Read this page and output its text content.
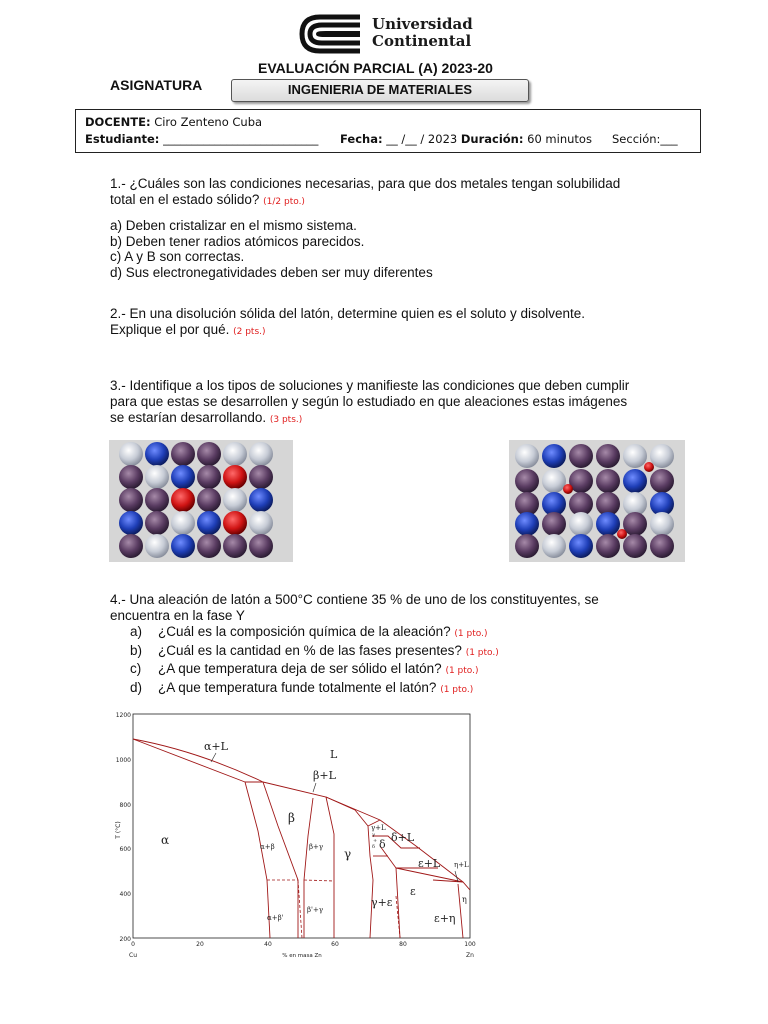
Universidad
Continental
EVALUACIÓN PARCIAL (A) 2023-20
ASIGNATURA	INGENIERIA DE MATERIALES
DOCENTE: Ciro Zenteno Cuba
Estudiante: ___________________________ Fecha: __ /__ / 2023 Duración: 60 minutos Sección:___
1.- ¿Cuáles son las condiciones necesarias, para que dos metales tengan solubilidad
total en el estado sólido? (1/2 pto.)
a) Deben cristalizar en el mismo sistema.
b) Deben tener radios atómicos parecidos.
c) A y B son correctas.
d) Sus electronegatividades deben ser muy diferentes
2.- En una disolución sólida del latón, determine quien es el soluto y disolvente.
Explique el por qué. (2 pts.)
3.- Identifique a los tipos de soluciones y manifieste las condiciones que deben cumplir
para que estas se desarrollen y según lo estudiado en que aleaciones estas imágenes
se estarían desarrollando. (3 pts.)
4.- Una aleación de latón a 500°C contiene 35 % de uno de los constituyentes, se
encuentra en la fase Y
a) ¿Cuál es la composición química de la aleación? (1 pto.)
b) ¿Cuál es la cantidad en % de las fases presentes? (1 pto.)
c) ¿A que temperatura deja de ser sólido el latón? (1 pto.)
d) ¿A que temperatura funde totalmente el latón? (1 pto.)
1200
1000
800
600
400
200
0	20	40	60	80	100
T (°C)
% en masa Zn
Cu	Zn
α+L
L
β+L
β
α	α+β	β+γ γ
γ+L
γ + δ δ
δ+L
ε+L η+L
η
ε
γ+ε
α+β'
β'+γ
ε+η
